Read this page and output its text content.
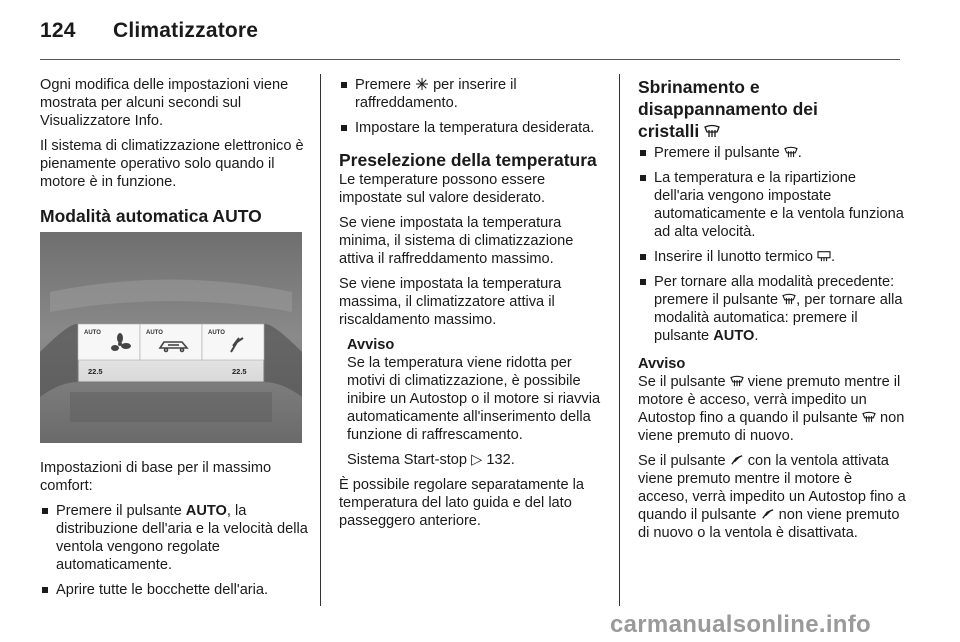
124 Climatizzatore

Ogni modifica delle impostazioni viene mostrata per alcuni secondi sul Visualizzatore Info.

Il sistema di climatizzazione elettronico è pienamente operativo solo quando il motore è in funzione.

Modalità automatica AUTO
AUTO	AUTO	AUTO
22.5	22.5

Impostazioni di base per il massimo comfort:

Premere il pulsante AUTO, la distribuzione dell'aria e la velocità della ventola vengono regolate automaticamente.
Aprire tutte le bocchette dell'aria.
Premere  per inserire il raffreddamento.
Impostare la temperatura desiderata.
Preselezione della temperatura

Le temperature possono essere impostate sul valore desiderato.

Se viene impostata la temperatura minima, il sistema di climatizzazione attiva il raffreddamento massimo.

Se viene impostata la temperatura massima, il climatizzatore attiva il riscaldamento massimo.

Avviso

Se la temperatura viene ridotta per motivi di climatizzazione, è possibile inibire un Autostop o il motore si riavvia automaticamente all'inserimento della funzione di raffrescamento.

Sistema Start-stop ▷ 132.

È possibile regolare separatamente la temperatura del lato guida e del lato passeggero anteriore.

Sbrinamento e
disappannamento dei
cristalli
Premere il pulsante .
La temperatura e la ripartizione dell'aria vengono impostate automaticamente e la ventola funziona ad alta velocità.
Inserire il lunotto termico .
Per tornare alla modalità precedente: premere il pulsante , per tornare alla modalità automatica: premere il pulsante AUTO.
Avviso

Se il pulsante  viene premuto mentre il motore è acceso, verrà impedito un Autostop fino a quando il pulsante  non viene premuto di nuovo.

Se il pulsante  con la ventola attivata viene premuto mentre il motore è acceso, verrà impedito un Autostop fino a quando il pulsante  non viene premuto di nuovo o la ventola è disattivata.

carmanualsonline.info
